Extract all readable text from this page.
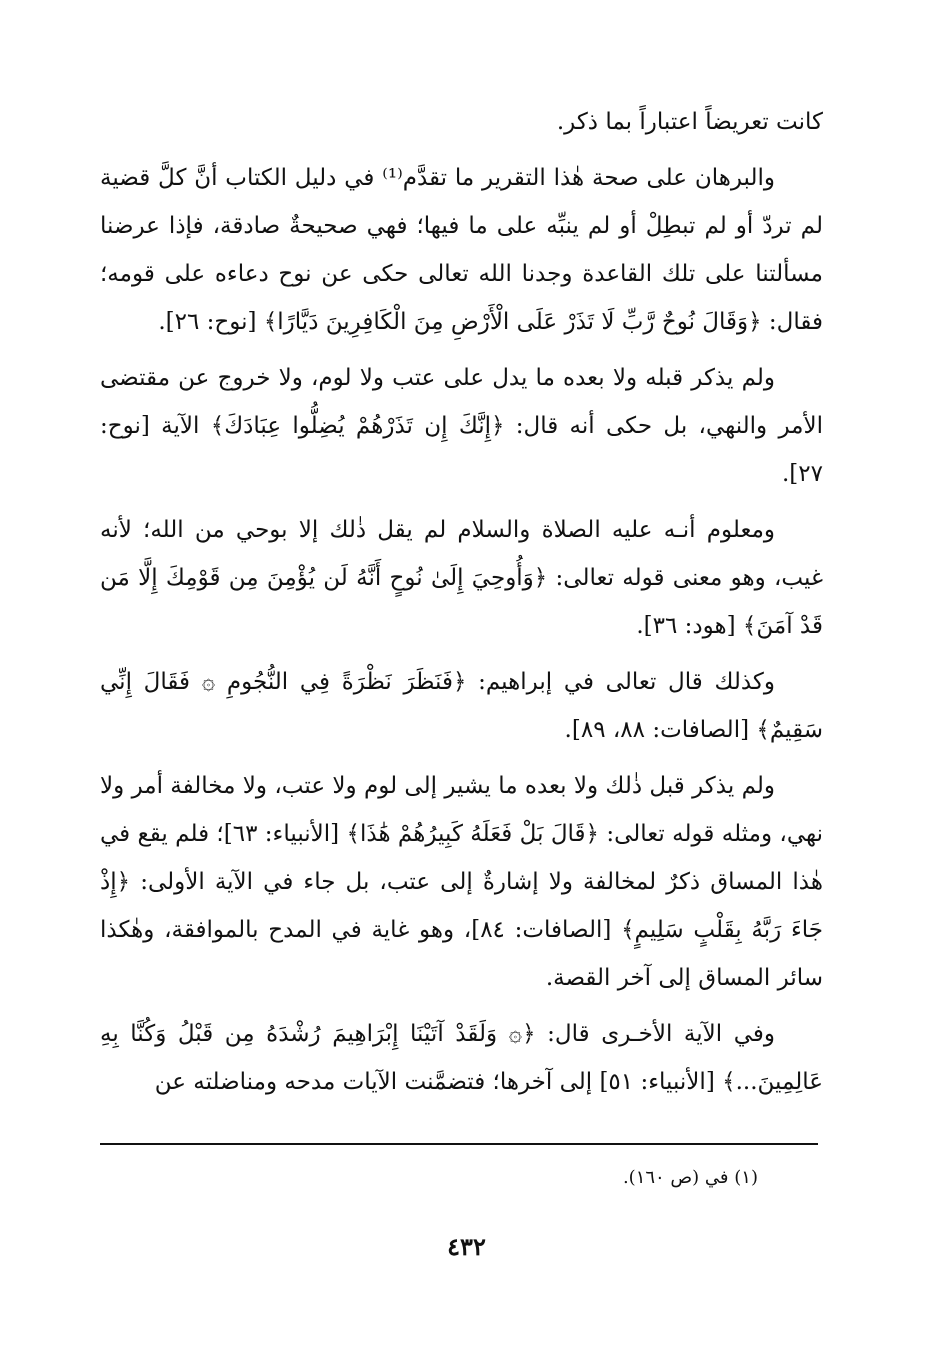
كانت تعريضاً اعتباراً بما ذكر.

والبرهان على صحة هٰذا التقرير ما تقدَّم⁽¹⁾ في دليل الكتاب أنَّ كلَّ قضية لم تردّ أو لم تبطِلْ أو لم ينبِّه على ما فيها؛ فهي صحيحةٌ صادقة، فإذا عرضنا مسألتنا على تلك القاعدة وجدنا الله تعالى حكى عن نوح دعاءه على قومه؛ فقال: ﴿وَقَالَ نُوحٌ رَّبِّ لَا تَذَرْ عَلَى الْأَرْضِ مِنَ الْكَافِرِينَ دَيَّارًا﴾ [نوح: ٢٦].

ولم يذكر قبله ولا بعده ما يدل على عتب ولا لوم، ولا خروج عن مقتضى الأمر والنهي، بل حكى أنه قال: ﴿إِنَّكَ إِن تَذَرْهُمْ يُضِلُّوا عِبَادَكَ﴾ الآية [نوح: ٢٧].

ومعلوم أنـه عليه الصلاة والسلام لم يقل ذٰلك إلا بوحي من الله؛ لأنه غيب، وهو معنى قوله تعالى: ﴿وَأُوحِيَ إِلَىٰ نُوحٍ أَنَّهُ لَن يُؤْمِنَ مِن قَوْمِكَ إِلَّا مَن قَدْ آمَنَ﴾ [هود: ٣٦].

وكذلك قال تعالى في إبراهيم: ﴿فَنَظَرَ نَظْرَةً فِي النُّجُومِ ۞ فَقَالَ إِنِّي سَقِيمٌ﴾ [الصافات: ٨٨، ٨٩].

ولم يذكر قبل ذٰلك ولا بعده ما يشير إلى لوم ولا عتب، ولا مخالفة أمر ولا نهي، ومثله قوله تعالى: ﴿قَالَ بَلْ فَعَلَهُ كَبِيرُهُمْ هَٰذَا﴾ [الأنبياء: ٦٣]؛ فلم يقع في هٰذا المساق ذكرٌ لمخالفة ولا إشارةٌ إلى عتب، بل جاء في الآية الأولى: ﴿إِذْ جَاءَ رَبَّهُ بِقَلْبٍ سَلِيمٍ﴾ [الصافات: ٨٤]، وهو غاية في المدح بالموافقة، وهٰكذا سائر المساق إلى آخر القصة.

وفي الآية الأخـرى قال: ﴿۞ وَلَقَدْ آتَيْنَا إِبْرَاهِيمَ رُشْدَهُ مِن قَبْلُ وَكُنَّا بِهِ عَالِمِينَ...﴾ [الأنبياء: ٥١] إلى آخرها؛ فتضمَّنت الآيات مدحه ومناضلته عن

(١) في (ص ١٦٠).
٤٣٢
